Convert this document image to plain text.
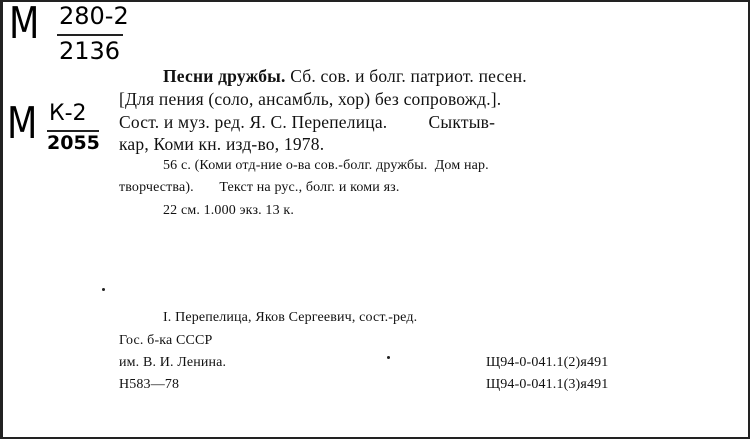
М 280-2
2136
М К-2
2055
Песни дружбы. Сб. сов. и болг. патриот. песен.
[Для пения (соло, ансамбль, хор) без сопровожд.].
Сост. и муз. ред. Я. С. Перепелица.         Сыктыв-
кар, Коми кн. изд-во, 1978.
56 с. (Коми отд-ние о-ва сов.-болг. дружбы.  Дом нар.
творчества).       Текст на рус., болг. и коми яз.
22 см. 1.000 экз. 13 к.
I. Перепелица, Яков Сергеевич, сост.-ред.
Гос. б-ка СССР
им. В. И. Ленина.
Н583—78
Щ94-0-041.1(2)я491
Щ94-0-041.1(3)я491
